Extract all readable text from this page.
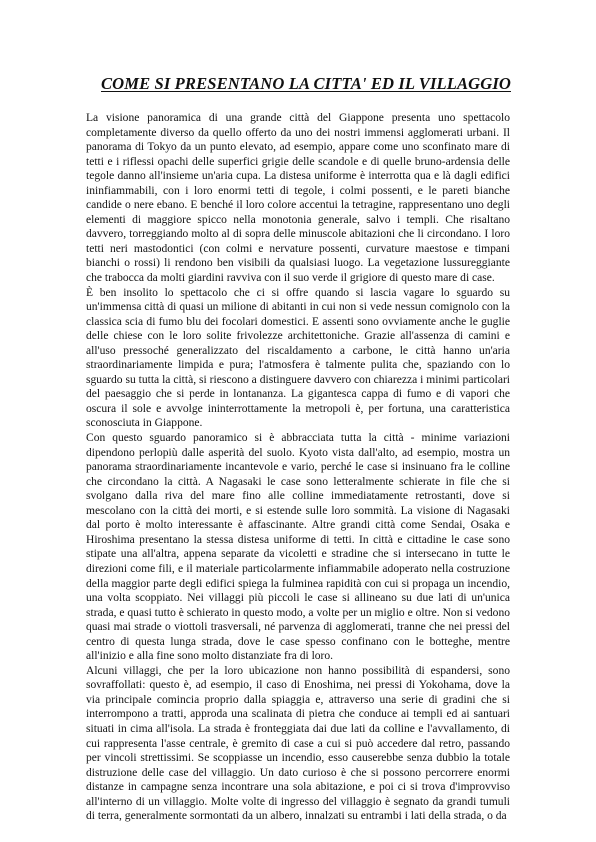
COME SI PRESENTANO LA CITTA' ED IL VILLAGGIO

La visione panoramica di una grande città del Giappone presenta uno spettacolo completamente diverso da quello offerto da uno dei nostri immensi agglomerati urbani. Il panorama di Tokyo da un punto elevato, ad esempio, appare come uno sconfinato mare di tetti e i riflessi opachi delle superfici grigie delle scandole e di quelle bruno-ardensia delle tegole danno all'insieme un'aria cupa. La distesa uniforme è interrotta qua e là dagli edifici ininfiammabili, con i loro enormi tetti di tegole, i colmi possenti, e le pareti bianche candide o nere ebano. E benché il loro colore accentui la tetragine, rappresentano uno degli elementi di maggiore spicco nella monotonia generale, salvo i templi. Che risaltano davvero, torreggiando molto al di sopra delle minuscole abitazioni che li circondano. I loro tetti neri mastodontici (con colmi e nervature possenti, curvature maestose e timpani bianchi o rossi) li rendono ben visibili da qualsiasi luogo. La vegetazione lussureggiante che trabocca da molti giardini ravviva con il suo verde il grigiore di questo mare di case.

È ben insolito lo spettacolo che ci si offre quando si lascia vagare lo sguardo su un'immensa città di quasi un milione di abitanti in cui non si vede nessun comignolo con la classica scia di fumo blu dei focolari domestici. E assenti sono ovviamente anche le guglie delle chiese con le loro solite frivolezze architettoniche. Grazie all'assenza di camini e all'uso pressoché generalizzato del riscaldamento a carbone, le città hanno un'aria straordinariamente limpida e pura; l'atmosfera è talmente pulita che, spaziando con lo sguardo su tutta la città, si riescono a distinguere davvero con chiarezza i minimi particolari del paesaggio che si perde in lontananza. La gigantesca cappa di fumo e di vapori che oscura il sole e avvolge ininterrottamente la metropoli è, per fortuna, una caratteristica sconosciuta in Giappone.

Con questo sguardo panoramico si è abbracciata tutta la città - minime variazioni dipendono perlopiù dalle asperità del suolo. Kyoto vista dall'alto, ad esempio, mostra un panorama straordinariamente incantevole e vario, perché le case si insinuano fra le colline che circondano la città. A Nagasaki le case sono letteralmente schierate in file che si svolgano dalla riva del mare fino alle colline immediatamente retrostanti, dove si mescolano con la città dei morti, e si estende sulle loro sommità. La visione di Nagasaki dal porto è molto interessante è affascinante. Altre grandi città come Sendai, Osaka e Hiroshima presentano la stessa distesa uniforme di tetti. In città e cittadine le case sono stipate una all'altra, appena separate da vicoletti e stradine che si intersecano in tutte le direzioni come fili, e il materiale particolarmente infiammabile adoperato nella costruzione della maggior parte degli edifici spiega la fulminea rapidità con cui si propaga un incendio, una volta scoppiato. Nei villaggi più piccoli le case si allineano su due lati di un'unica strada, e quasi tutto è schierato in questo modo, a volte per un miglio e oltre. Non si vedono quasi mai strade o viottoli trasversali, né parvenza di agglomerati, tranne che nei pressi del centro di questa lunga strada, dove le case spesso confinano con le botteghe, mentre all'inizio e alla fine sono molto distanziate fra di loro.

Alcuni villaggi, che per la loro ubicazione non hanno possibilità di espandersi, sono sovraffollati: questo è, ad esempio, il caso di Enoshima, nei pressi di Yokohama, dove la via principale comincia proprio dalla spiaggia e, attraverso una serie di gradini che si interrompono a tratti, approda una scalinata di pietra che conduce ai templi ed ai santuari situati in cima all'isola. La strada è fronteggiata dai due lati da colline e l'avvallamento, di cui rappresenta l'asse centrale, è gremito di case a cui si può accedere dal retro, passando per vincoli strettissimi. Se scoppiasse un incendio, esso causerebbe senza dubbio la totale distruzione delle case del villaggio. Un dato curioso è che si possono percorrere enormi distanze in campagne senza incontrare una sola abitazione, e poi ci si trova d'improvviso all'interno di un villaggio. Molte volte di ingresso del villaggio è segnato da grandi tumuli di terra, generalmente sormontati da un albero, innalzati su entrambi i lati della strada, o da
